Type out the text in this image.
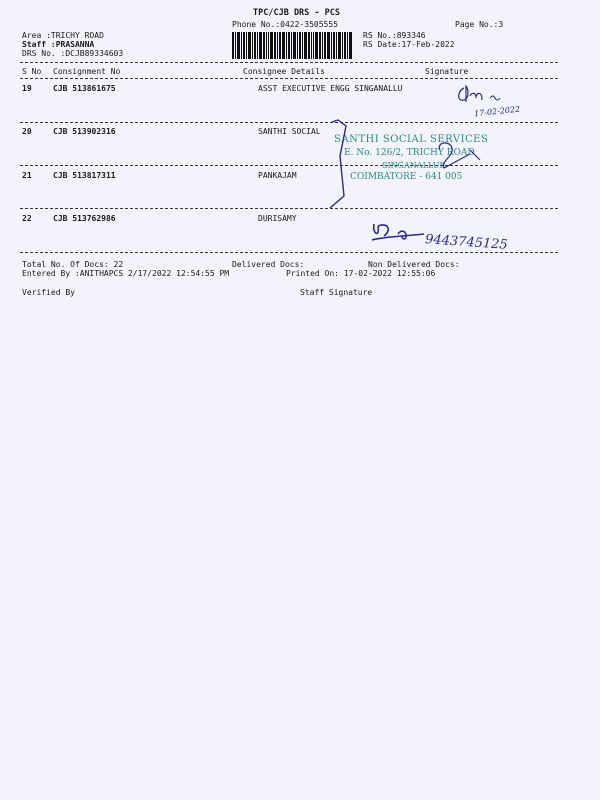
TPC/CJB DRS - PCS
Phone No.:0422-3505555	Page No.:3
Area :TRICHY ROAD
Staff :PRASANNA
DRS No. :DCJB89334603
RS No.:893346
RS Date:17-Feb-2022
S No Consignment No	Consignee Details	Signature
19	CJB 513861675	ASST EXECUTIVE ENGG SINGANALLU
20	CJB 513902316	SANTHI SOCIAL
21	CJB 513817311	PANKAJAM
22	CJB 513762986	DURISAMY
17-02-2022
SANTHI SOCIAL SERVICES
E. No. 126/2, TRICHY ROAD
SINGANALLUR
COIMBATORE - 641 005
9443745125
Total No. Of Docs: 22	Delivered Docs:	Non Delivered Docs:
Entered By :ANITHAPCS 2/17/2022 12:54:55 PM	Printed On: 17-02-2022 12:55:06
Verified By	Staff Signature
